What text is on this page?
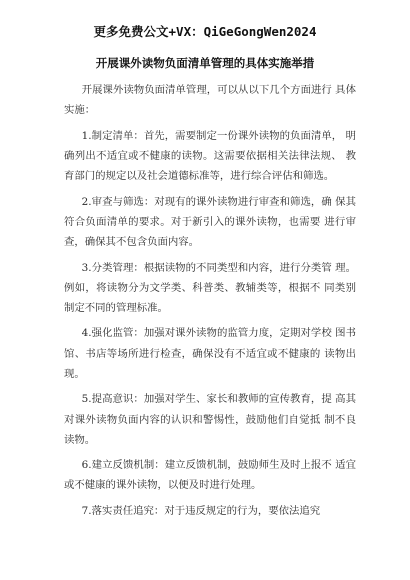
更多免费公文+VX：QiGeGongWen2024
开展课外读物负面清单管理的具体实施举措

开展课外读物负面清单管理，可以从以下几个方面进行 具体实施：

1.制定清单：首先，需要制定一份课外读物的负面清单， 明确列出不适宜或不健康的读物。这需要依据相关法律法规、 教育部门的规定以及社会道德标准等，进行综合评估和筛选。

2.审查与筛选：对现有的课外读物进行审查和筛选，确 保其符合负面清单的要求。对于新引入的课外读物，也需要 进行审查，确保其不包含负面内容。

3.分类管理：根据读物的不同类型和内容，进行分类管 理。例如，将读物分为文学类、科普类、教辅类等，根据不 同类别制定不同的管理标准。

4.强化监管：加强对课外读物的监管力度，定期对学校 图书馆、书店等场所进行检查，确保没有不适宜或不健康的 读物出现。

5.提高意识：加强对学生、家长和教师的宣传教育，提 高其对课外读物负面内容的认识和警惕性，鼓励他们自觉抵 制不良读物。

6.建立反馈机制：建立反馈机制，鼓励师生及时上报不 适宜或不健康的课外读物，以便及时进行处理。

7.落实责任追究：对于违反规定的行为，要依法追究
